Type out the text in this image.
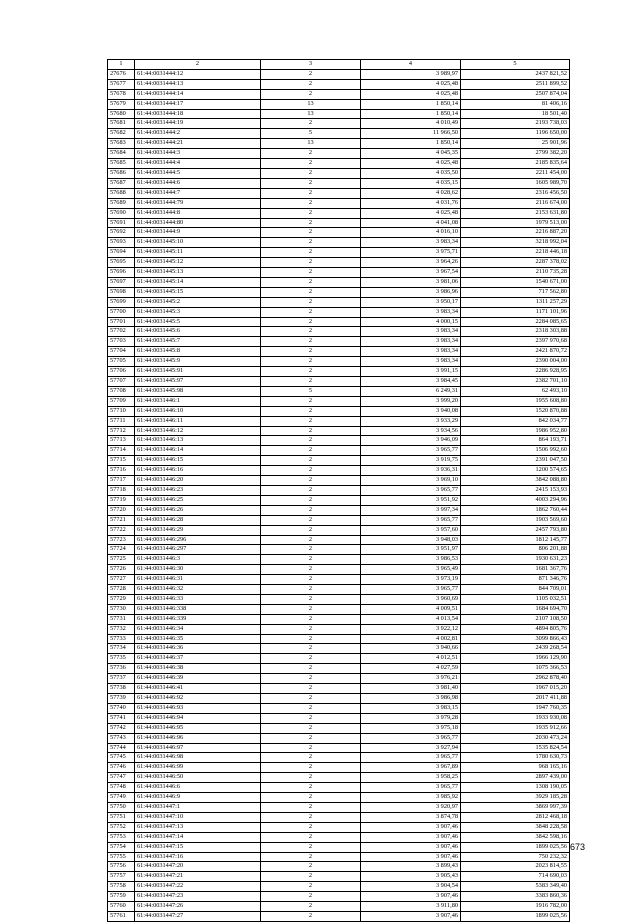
1	2	3	4	5
27676	61:44:0031444:12	2	3 989,97	2437 821,52
57677	61:44:0031444:13	2	4 025,48	2511 899,52
57678	61:44:0031444:14	2	4 025,48	2507 874,04
57679	61:44:0031444:17	13	1 850,14	81 406,16
57680	61:44:0031444:18	13	1 850,14	18 501,40
57681	61:44:0031444:19	2	4 010,49	2193 738,03
57682	61:44:0031444:2	5	11 966,50	1196 650,00
57683	61:44:0031444:21	13	1 850,14	25 901,96
57684	61:44:0031444:3	2	4 045,35	2799 382,20
57685	61:44:0031444:4	2	4 025,48	2185 835,64
57686	61:44:0031444:5	2	4 035,50	2211 454,00
57687	61:44:0031444:6	2	4 035,15	1605 989,70
57688	61:44:0031444:7	2	4 028,62	2316 456,50
57689	61:44:0031444:79	2	4 031,76	2116 674,00
57690	61:44:0031444:8	2	4 025,48	2153 631,80
57691	61:44:0031444:80	2	4 041,08	1979 513,00
57692	61:44:0031444:9	2	4 016,10	2216 887,20
57693	61:44:0031445:10	2	3 983,34	3218 992,04
57694	61:44:0031445:11	2	3 975,71	2218 446,18
57695	61:44:0031445:12	2	3 964,26	2287 378,02
57696	61:44:0031445:13	2	3 967,54	2110 735,28
57697	61:44:0031445:14	2	3 981,06	1540 671,00
57698	61:44:0031445:15	2	3 986,96	717 562,80
57699	61:44:0031445:2	2	3 950,17	1311 257,29
57700	61:44:0031445:3	2	3 983,34	1171 101,96
57701	61:44:0031445:5	2	4 000,15	2284 085,65
57702	61:44:0031445:6	2	3 983,34	2318 303,88
57703	61:44:0031445:7	2	3 983,34	2397 970,68
57704	61:44:0031445:8	2	3 983,34	2421 870,72
57705	61:44:0031445:9	2	3 983,34	2390 004,00
57706	61:44:0031445:91	2	3 991,15	2286 928,95
57707	61:44:0031445:97	2	3 984,45	2382 701,10
57708	61:44:0031445:98	5	6 249,31	62 493,10
57709	61:44:0031446:1	2	3 999,20	1955 608,80
57710	61:44:0031446:10	2	3 940,08	1520 870,88
57711	61:44:0031446:11	2	3 933,29	842 034,77
57712	61:44:0031446:12	2	3 934,56	1986 952,80
57713	61:44:0031446:13	2	3 946,09	864 193,71
57714	61:44:0031446:14	2	3 965,77	1506 992,60
57715	61:44:0031446:15	2	3 919,75	2391 047,50
57716	61:44:0031446:16	2	3 936,31	1200 574,65
57717	61:44:0031446:20	2	3 969,10	3842 088,80
57718	61:44:0031446:23	2	3 965,77	2415 153,93
57719	61:44:0031446:25	2	3 951,92	4003 294,96
57720	61:44:0031446:26	2	3 997,34	1862 760,44
57721	61:44:0031446:28	2	3 965,77	1903 569,60
57722	61:44:0031446:29	2	3 957,60	2457 793,80
57723	61:44:0031446:296	2	3 948,03	1812 145,77
57724	61:44:0031446:297	2	3 951,97	806 201,88
57725	61:44:0031446:3	2	3 986,53	1930 631,23
57726	61:44:0031446:30	2	3 965,49	1681 367,76
57727	61:44:0031446:31	2	3 973,19	871 346,76
57728	61:44:0031446:32	2	3 965,77	844 709,01
57729	61:44:0031446:33	2	3 960,69	1105 032,51
57730	61:44:0031446:338	2	4 009,51	1684 694,70
57731	61:44:0031446:339	2	4 013,54	2107 108,50
57732	61:44:0031446:34	2	3 922,12	4894 805,76
57733	61:44:0031446:35	2	4 002,81	3099 866,43
57734	61:44:0031446:36	2	3 940,66	2439 268,54
57735	61:44:0031446:37	2	4 012,51	1966 129,90
57736	61:44:0031446:38	2	4 027,59	1075 366,53
57737	61:44:0031446:39	2	3 976,21	2962 878,40
57738	61:44:0031446:41	2	3 981,40	1967 015,20
57739	61:44:0031446:92	2	3 986,98	2017 411,88
57740	61:44:0031446:93	2	3 983,15	1947 760,35
57741	61:44:0031446:94	2	3 979,28	1933 930,08
57742	61:44:0031446:95	2	3 975,18	1935 912,66
57743	61:44:0031446:96	2	3 965,77	2030 473,24
57744	61:44:0031446:97	2	3 927,94	1535 824,54
57745	61:44:0031446:98	2	3 965,77	1780 630,73
57746	61:44:0031446:99	2	3 967,89	968 165,16
57747	61:44:0031446:50	2	3 958,25	2897 439,00
57748	61:44:0031446:6	2	3 965,77	1308 190,05
57749	61:44:0031446:9	2	3 985,92	3929 185,28
57750	61:44:0031447:1	2	3 920,97	3869 997,39
57751	61:44:0031447:10	2	3 874,78	2812 468,18
57752	61:44:0031447:13	2	3 907,46	3848 228,58
57753	61:44:0031447:14	2	3 907,46	3842 598,16
57754	61:44:0031447:15	2	3 907,46	1899 025,56
57755	61:44:0031447:16	2	3 907,46	750 232,32
57756	61:44:0031447:20	2	3 899,43	2023 814,55
57757	61:44:0031447:21	2	3 905,43	714 690,03
57758	61:44:0031447:22	2	3 904,54	5383 349,40
57759	61:44:0031447:23	2	3 907,46	3383 860,36
57760	61:44:0031447:26	2	3 911,80	1916 782,00
57761	61:44:0031447:27	2	3 907,46	1899 025,56
673
